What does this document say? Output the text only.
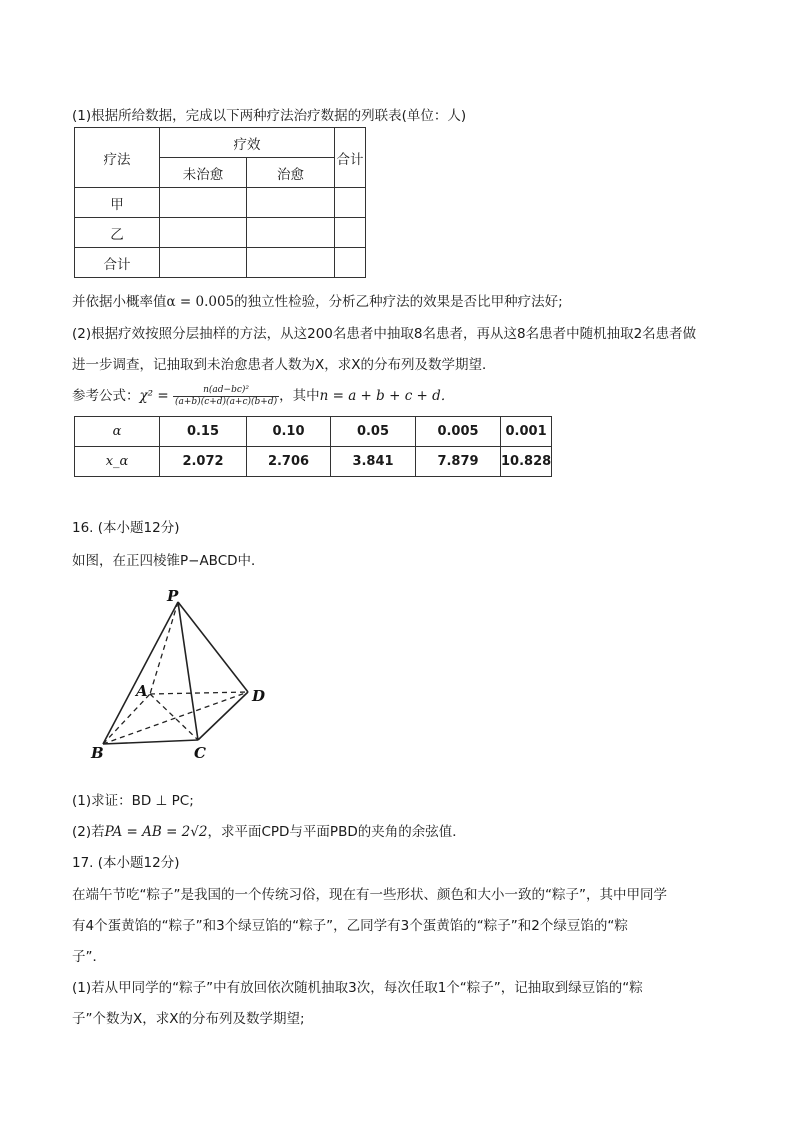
(1)根据所给数据，完成以下两种疗法治疗数据的列联表(单位：人)
疗法	疗效		合计
	未治愈	治愈	
甲			
乙			
合计			
并依据小概率值α = 0.005的独立性检验，分析乙种疗法的效果是否比甲种疗法好;
(2)根据疗效按照分层抽样的方法，从这200名患者中抽取8名患者，再从这8名患者中随机抽取2名患者做
进一步调查，记抽取到未治愈患者人数为X，求X的分布列及数学期望．
参考公式：$\chi^2 = \frac{\text{n(ad−bc)²}}{(a+b)(c+d)(a+c)(b+d)}$ ，其中n = a + b + c + d．
α	0.15	0.10	0.05	0.005	0.001
x_α	2.072	2.706	3.841	7.879	10.828
16. (本小题12分)
如图，在正四棱锥P−ABCD中．
P
A
B	C
D
(1)求证：BD ⊥ PC;
(2)若PA = AB = 2√2，求平面CPD与平面PBD的夹角的余弦值．
17. (本小题12分)
在端午节吃“粽子”是我国的一个传统习俗，现在有一些形状、颜色和大小一致的“粽子”，其中甲同学
有4个蛋黄馅的“粽子”和3个绿豆馅的“粽子”，乙同学有3个蛋黄馅的“粽子”和2个绿豆馅的“粽
子”．
(1)若从甲同学的“粽子”中有放回依次随机抽取3次，每次任取1个“粽子”，记抽取到绿豆馅的“粽
子”个数为X，求X的分布列及数学期望;
